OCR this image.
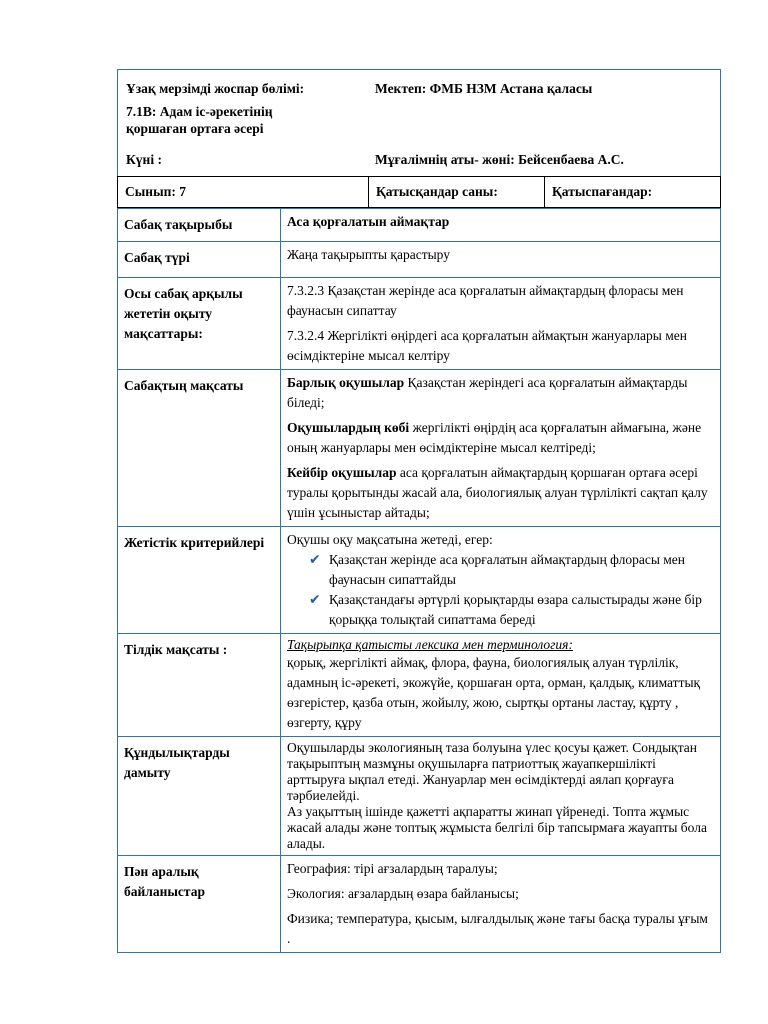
Ұзақ мерзімді жоспар бөлімі:	Мектеп: ФМБ НЗМ Астана қаласы
7.1В: Адам іс-әрекетінің
қоршаған ортаға әсері
Күні :	Мұғалімнің аты- жөні: Бейсенбаева А.С.
Сынып: 7	Қатысқандар саны:	Қатыспағандар:
Сабақ тақырыбы	Аса қорғалатын аймақтар
Сабақ түрі	Жаңа тақырыпты қарастыру
Осы сабақ арқылы жететін оқыту мақсаттары:	7.3.2.3 Қазақстан жерінде аса қорғалатын аймақтардың флорасы мен фаунасын сипаттау

7.3.2.4 Жергілікті өңірдегі аса қорғалатын аймақтын жануарлары мен өсімдіктеріне мысал келтіру

Сабақтың мақсаты	Барлық оқушылар Қазақстан жеріндегі аса қорғалатын аймақтарды біледі;

Оқушылардың көбі жергілікті өңірдің аса қорғалатын аймағына, және оның жануарлары мен өсімдіктеріне мысал келтіреді;

Кейбір оқушылар аса қорғалатын аймақтардың қоршаған ортаға әсері туралы қорытынды жасай ала, биологиялық алуан түрлілікті сақтап қалу үшін ұсыныстар айтады;

Жетістік критерийлері	Оқушы оқу мақсатына жетеді, егер:

✔ Қазақстан жерінде аса қорғалатын аймақтардың флорасы мен фаунасын сипаттайды
✔ Қазақстандағы әртүрлі қорықтарды өзара салыстырады және бір қорыққа толықтай сипаттама береді

Тілдік мақсаты :	Тақырыпқа қатысты лексика мен терминология:

қорық, жергілікті аймақ, флора, фауна, биологиялық алуан түрлілік,

адамның іс-әрекеті, экожүйе, қоршаған орта, орман, қалдық, климаттық өзгерістер, қазба отын, жойылу, жою, сыртқы ортаны ластау, құрту , өзгерту, құру

Құндылықтарды дамыту	Оқушыларды экологияның таза болуына үлес қосуы қажет. Сондықтан тақырыптың мазмұны оқушыларға патриоттық жауапкершілікті арттыруға ықпал етеді. Жануарлар мен өсімдіктерді аялап қорғауға тәрбиелейді.

Аз уақыттың ішінде қажетті ақпаратты жинап үйренеді. Топта жұмыс жасай алады және топтық жұмыста белгілі бір тапсырмаға жауапты бола алады.

Пән аралық байланыстар	География: тірі ағзалардың таралуы;

Экология: ағзалардың өзара байланысы;

Физика; температура, қысым, ылғалдылық және тағы басқа туралы ұғым .
